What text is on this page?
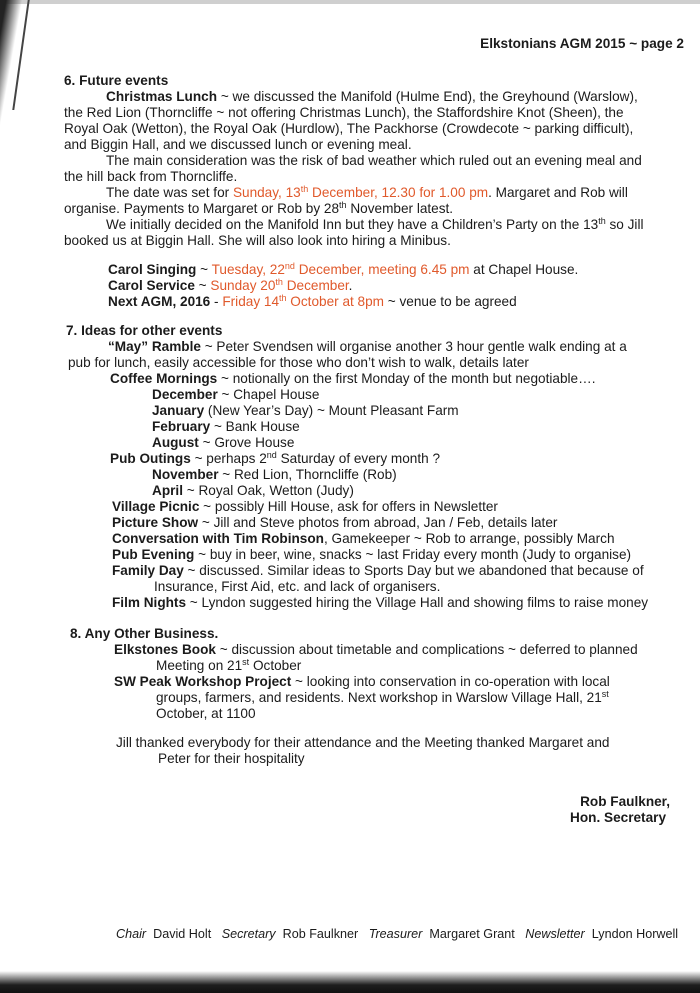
Elkstonians AGM 2015 ~ page 2
6. Future events
Christmas Lunch ~ we discussed the Manifold (Hulme End), the Greyhound (Warslow),
the Red Lion (Thorncliffe ~ not offering Christmas Lunch), the Staffordshire Knot (Sheen), the
Royal Oak (Wetton), the Royal Oak (Hurdlow), The Packhorse (Crowdecote ~ parking difficult),
and Biggin Hall, and we discussed lunch or evening meal.
The main consideration was the risk of bad weather which ruled out an evening meal and
the hill back from Thorncliffe.
The date was set for Sunday, 13th December, 12.30 for 1.00 pm. Margaret and Rob will
organise. Payments to Margaret or Rob by 28th November latest.
We initially decided on the Manifold Inn but they have a Children’s Party on the 13th so Jill
booked us at Biggin Hall. She will also look into hiring a Minibus.
Carol Singing ~ Tuesday, 22nd December, meeting 6.45 pm at Chapel House.
Carol Service ~ Sunday 20th December.
Next AGM, 2016 - Friday 14th October at 8pm ~ venue to be agreed
7. Ideas for other events
“May” Ramble ~ Peter Svendsen will organise another 3 hour gentle walk ending at a
pub for lunch, easily accessible for those who don’t wish to walk, details later
Coffee Mornings ~ notionally on the first Monday of the month but negotiable….
December ~ Chapel House
January (New Year’s Day) ~ Mount Pleasant Farm
February ~ Bank House
August ~ Grove House
Pub Outings ~ perhaps 2nd Saturday of every month ?
November ~ Red Lion, Thorncliffe (Rob)
April ~ Royal Oak, Wetton (Judy)
Village Picnic ~ possibly Hill House, ask for offers in Newsletter
Picture Show ~ Jill and Steve photos from abroad, Jan / Feb, details later
Conversation with Tim Robinson, Gamekeeper ~ Rob to arrange, possibly March
Pub Evening ~ buy in beer, wine, snacks ~ last Friday every month (Judy to organise)
Family Day ~ discussed. Similar ideas to Sports Day but we abandoned that because of
Insurance, First Aid, etc. and lack of organisers.
Film Nights ~ Lyndon suggested hiring the Village Hall and showing films to raise money
8. Any Other Business.
Elkstones Book ~ discussion about timetable and complications ~ deferred to planned
Meeting on 21st October
SW Peak Workshop Project ~ looking into conservation in co-operation with local
groups, farmers, and residents. Next workshop in Warslow Village Hall, 21st
October, at 1100
Jill thanked everybody for their attendance and the Meeting thanked Margaret and
Peter for their hospitality
Rob Faulkner,
Hon. Secretary
Chair David Holt Secretary Rob Faulkner Treasurer Margaret Grant Newsletter Lyndon Horwell
